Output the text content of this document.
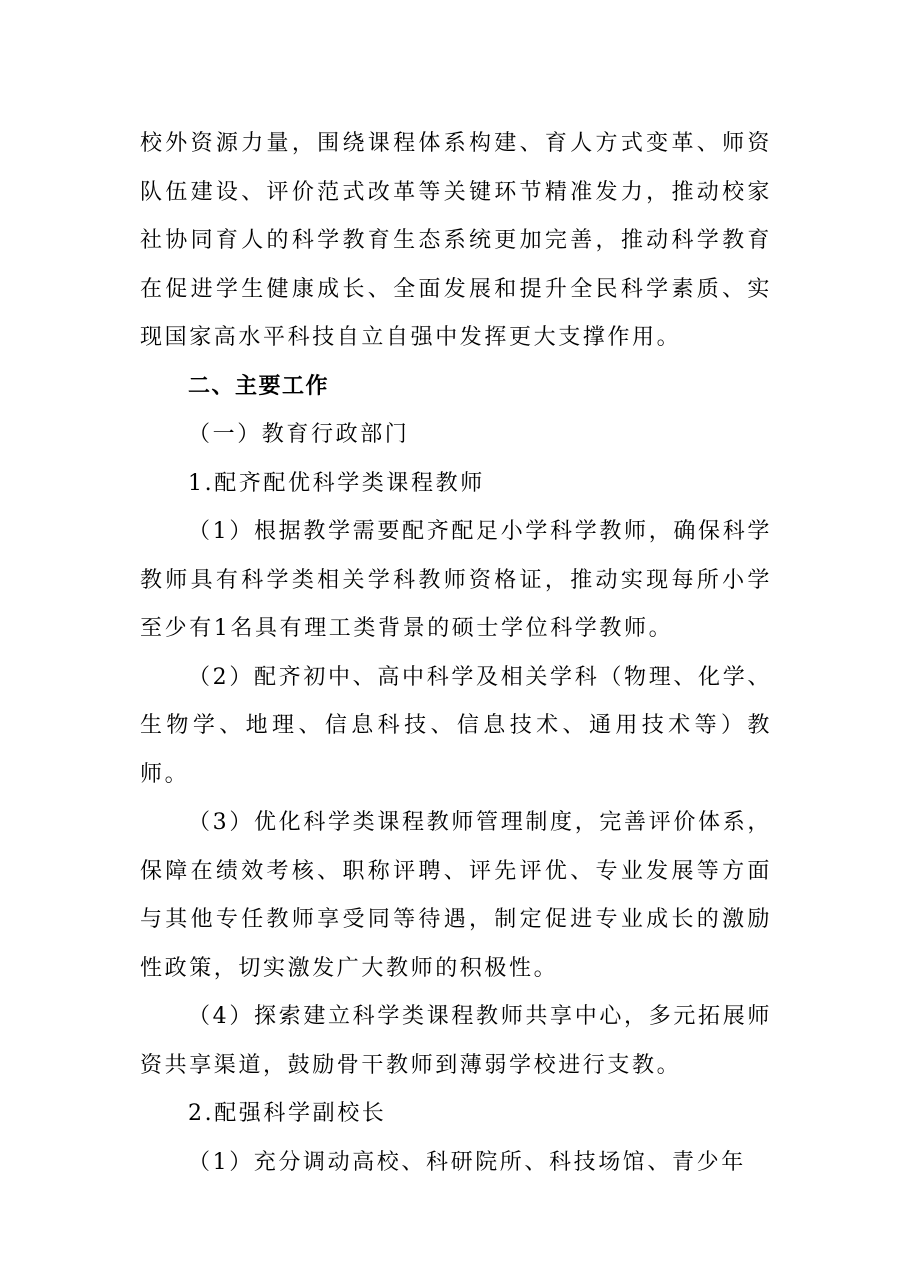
校外资源力量，围绕课程体系构建、育人方式变革、师资队伍建设、评价范式改革等关键环节精准发力，推动校家社协同育人的科学教育生态系统更加完善，推动科学教育在促进学生健康成长、全面发展和提升全民科学素质、实现国家高水平科技自立自强中发挥更大支撑作用。

二、主要工作

（一）教育行政部门

1.配齐配优科学类课程教师

（1）根据教学需要配齐配足小学科学教师，确保科学教师具有科学类相关学科教师资格证，推动实现每所小学至少有1名具有理工类背景的硕士学位科学教师。

（2）配齐初中、高中科学及相关学科（物理、化学、生物学、地理、信息科技、信息技术、通用技术等）教师。

（3）优化科学类课程教师管理制度，完善评价体系，保障在绩效考核、职称评聘、评先评优、专业发展等方面与其他专任教师享受同等待遇，制定促进专业成长的激励性政策，切实激发广大教师的积极性。

（4）探索建立科学类课程教师共享中心，多元拓展师资共享渠道，鼓励骨干教师到薄弱学校进行支教。

2.配强科学副校长

（1）充分调动高校、科研院所、科技场馆、青少年
